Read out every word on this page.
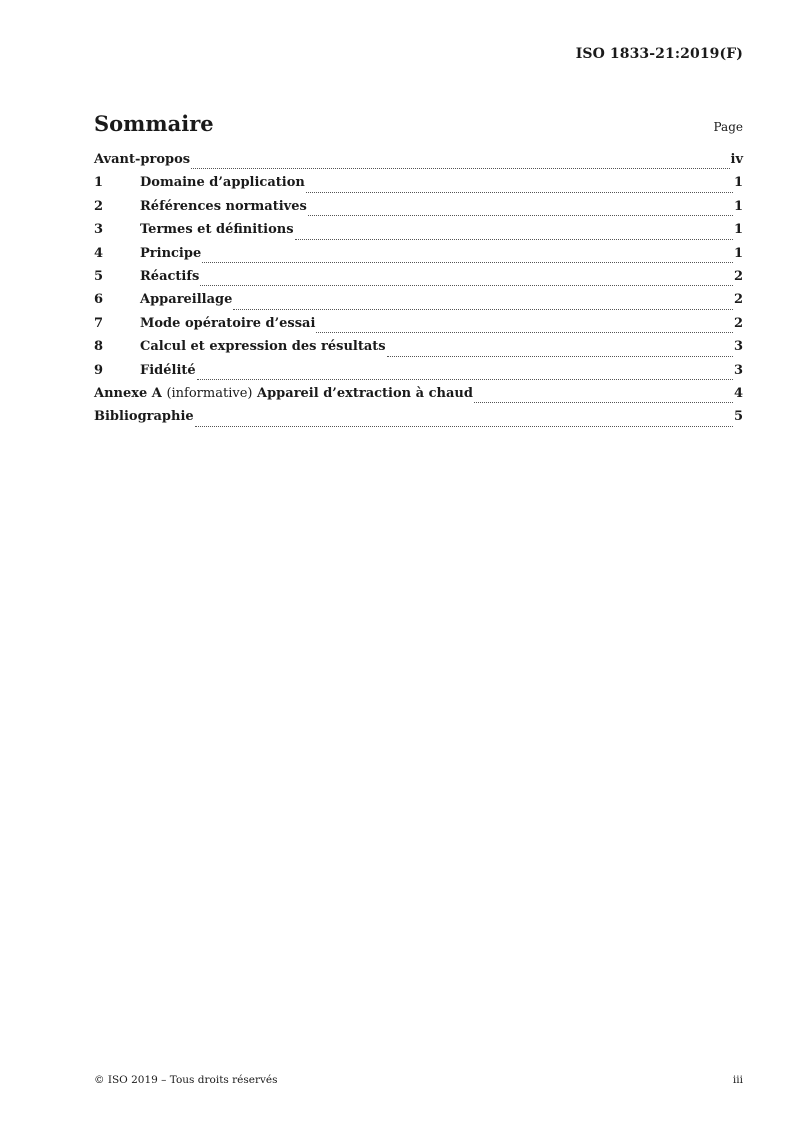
ISO 1833-21:2019(F)
Sommaire	Page
Avant-propos	iv
1	Domaine d’application	1
2	Références normatives	1
3	Termes et définitions	1
4	Principe	1
5	Réactifs	2
6	Appareillage	2
7	Mode opératoire d’essai	2
8	Calcul et expression des résultats	3
9	Fidélité	3
Annexe A (informative) Appareil d’extraction à chaud	4
Bibliographie	5
© ISO 2019 – Tous droits réservés	iii
